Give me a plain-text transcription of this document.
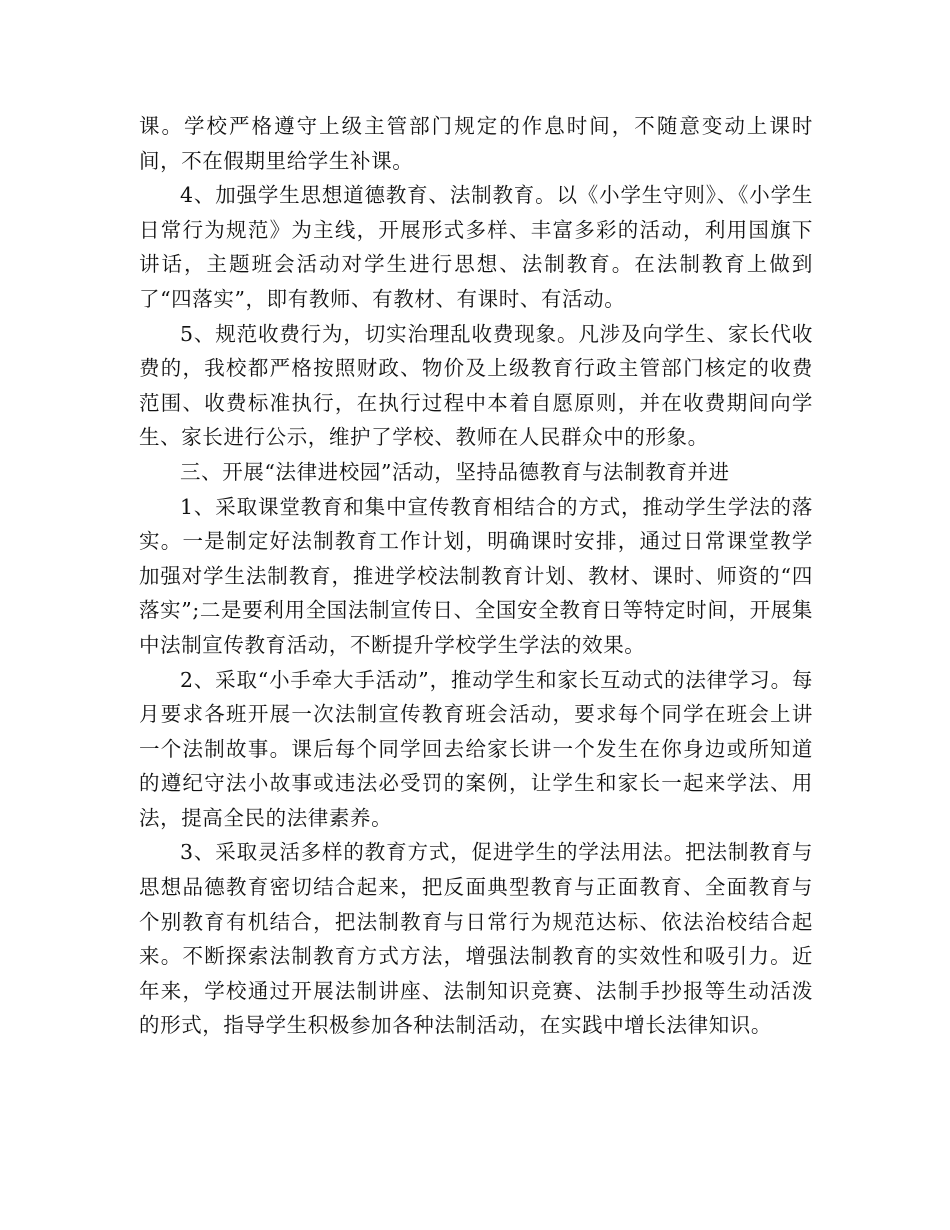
课。学校严格遵守上级主管部门规定的作息时间，不随意变动上课时间，不在假期里给学生补课。

4、加强学生思想道德教育、法制教育。以《小学生守则》、《小学生日常行为规范》为主线，开展形式多样、丰富多彩的活动，利用国旗下讲话，主题班会活动对学生进行思想、法制教育。在法制教育上做到了“四落实”，即有教师、有教材、有课时、有活动。

5、规范收费行为，切实治理乱收费现象。凡涉及向学生、家长代收费的，我校都严格按照财政、物价及上级教育行政主管部门核定的收费范围、收费标准执行，在执行过程中本着自愿原则，并在收费期间向学生、家长进行公示，维护了学校、教师在人民群众中的形象。

三、开展“法律进校园”活动，坚持品德教育与法制教育并进

1、采取课堂教育和集中宣传教育相结合的方式，推动学生学法的落实。一是制定好法制教育工作计划，明确课时安排，通过日常课堂教学加强对学生法制教育，推进学校法制教育计划、教材、课时、师资的“四落实”;二是要利用全国法制宣传日、全国安全教育日等特定时间，开展集中法制宣传教育活动，不断提升学校学生学法的效果。

2、采取“小手牵大手活动”，推动学生和家长互动式的法律学习。每月要求各班开展一次法制宣传教育班会活动，要求每个同学在班会上讲一个法制故事。课后每个同学回去给家长讲一个发生在你身边或所知道的遵纪守法小故事或违法必受罚的案例，让学生和家长一起来学法、用法，提高全民的法律素养。

3、采取灵活多样的教育方式，促进学生的学法用法。把法制教育与思想品德教育密切结合起来，把反面典型教育与正面教育、全面教育与个别教育有机结合，把法制教育与日常行为规范达标、依法治校结合起来。不断探索法制教育方式方法，增强法制教育的实效性和吸引力。近年来，学校通过开展法制讲座、法制知识竞赛、法制手抄报等生动活泼的形式，指导学生积极参加各种法制活动，在实践中增长法律知识。
